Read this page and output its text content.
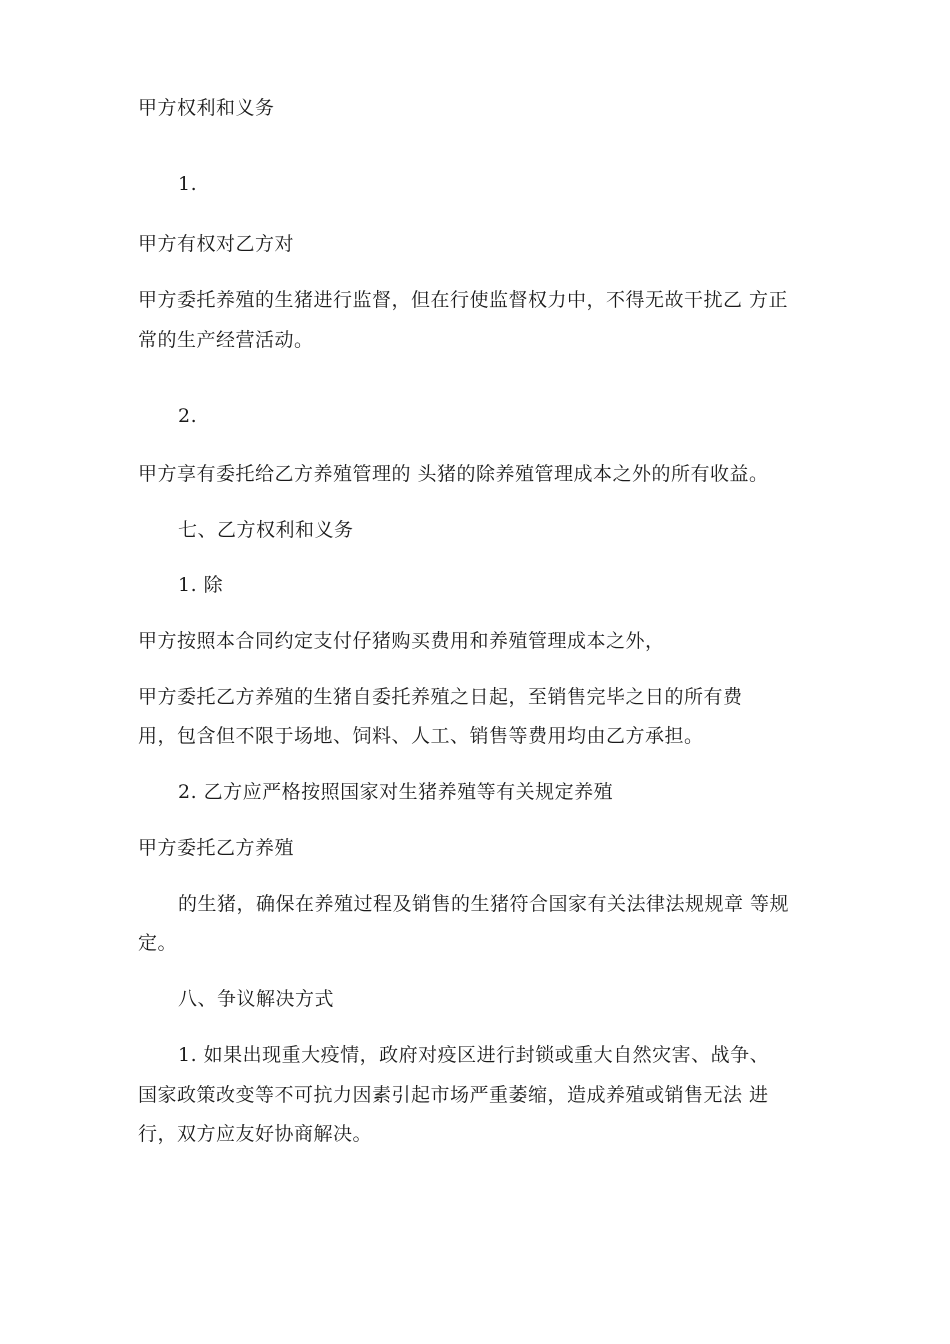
甲方权利和义务
1.
甲方有权对乙方对
甲方委托养殖的生猪进行监督，但在行使监督权力中，不得无故干扰乙 方正
常的生产经营活动。
2.
甲方享有委托给乙方养殖管理的 头猪的除养殖管理成本之外的所有收益。
七、乙方权利和义务
1. 除
甲方按照本合同约定支付仔猪购买费用和养殖管理成本之外，
甲方委托乙方养殖的生猪自委托养殖之日起，至销售完毕之日的所有费
用，包含但不限于场地、饲料、人工、销售等费用均由乙方承担。
2. 乙方应严格按照国家对生猪养殖等有关规定养殖
甲方委托乙方养殖
的生猪，确保在养殖过程及销售的生猪符合国家有关法律法规规章 等规
定。
八、争议解决方式
1. 如果出现重大疫情，政府对疫区进行封锁或重大自然灾害、战争、
国家政策改变等不可抗力因素引起市场严重萎缩，造成养殖或销售无法 进
行，双方应友好协商解决。
